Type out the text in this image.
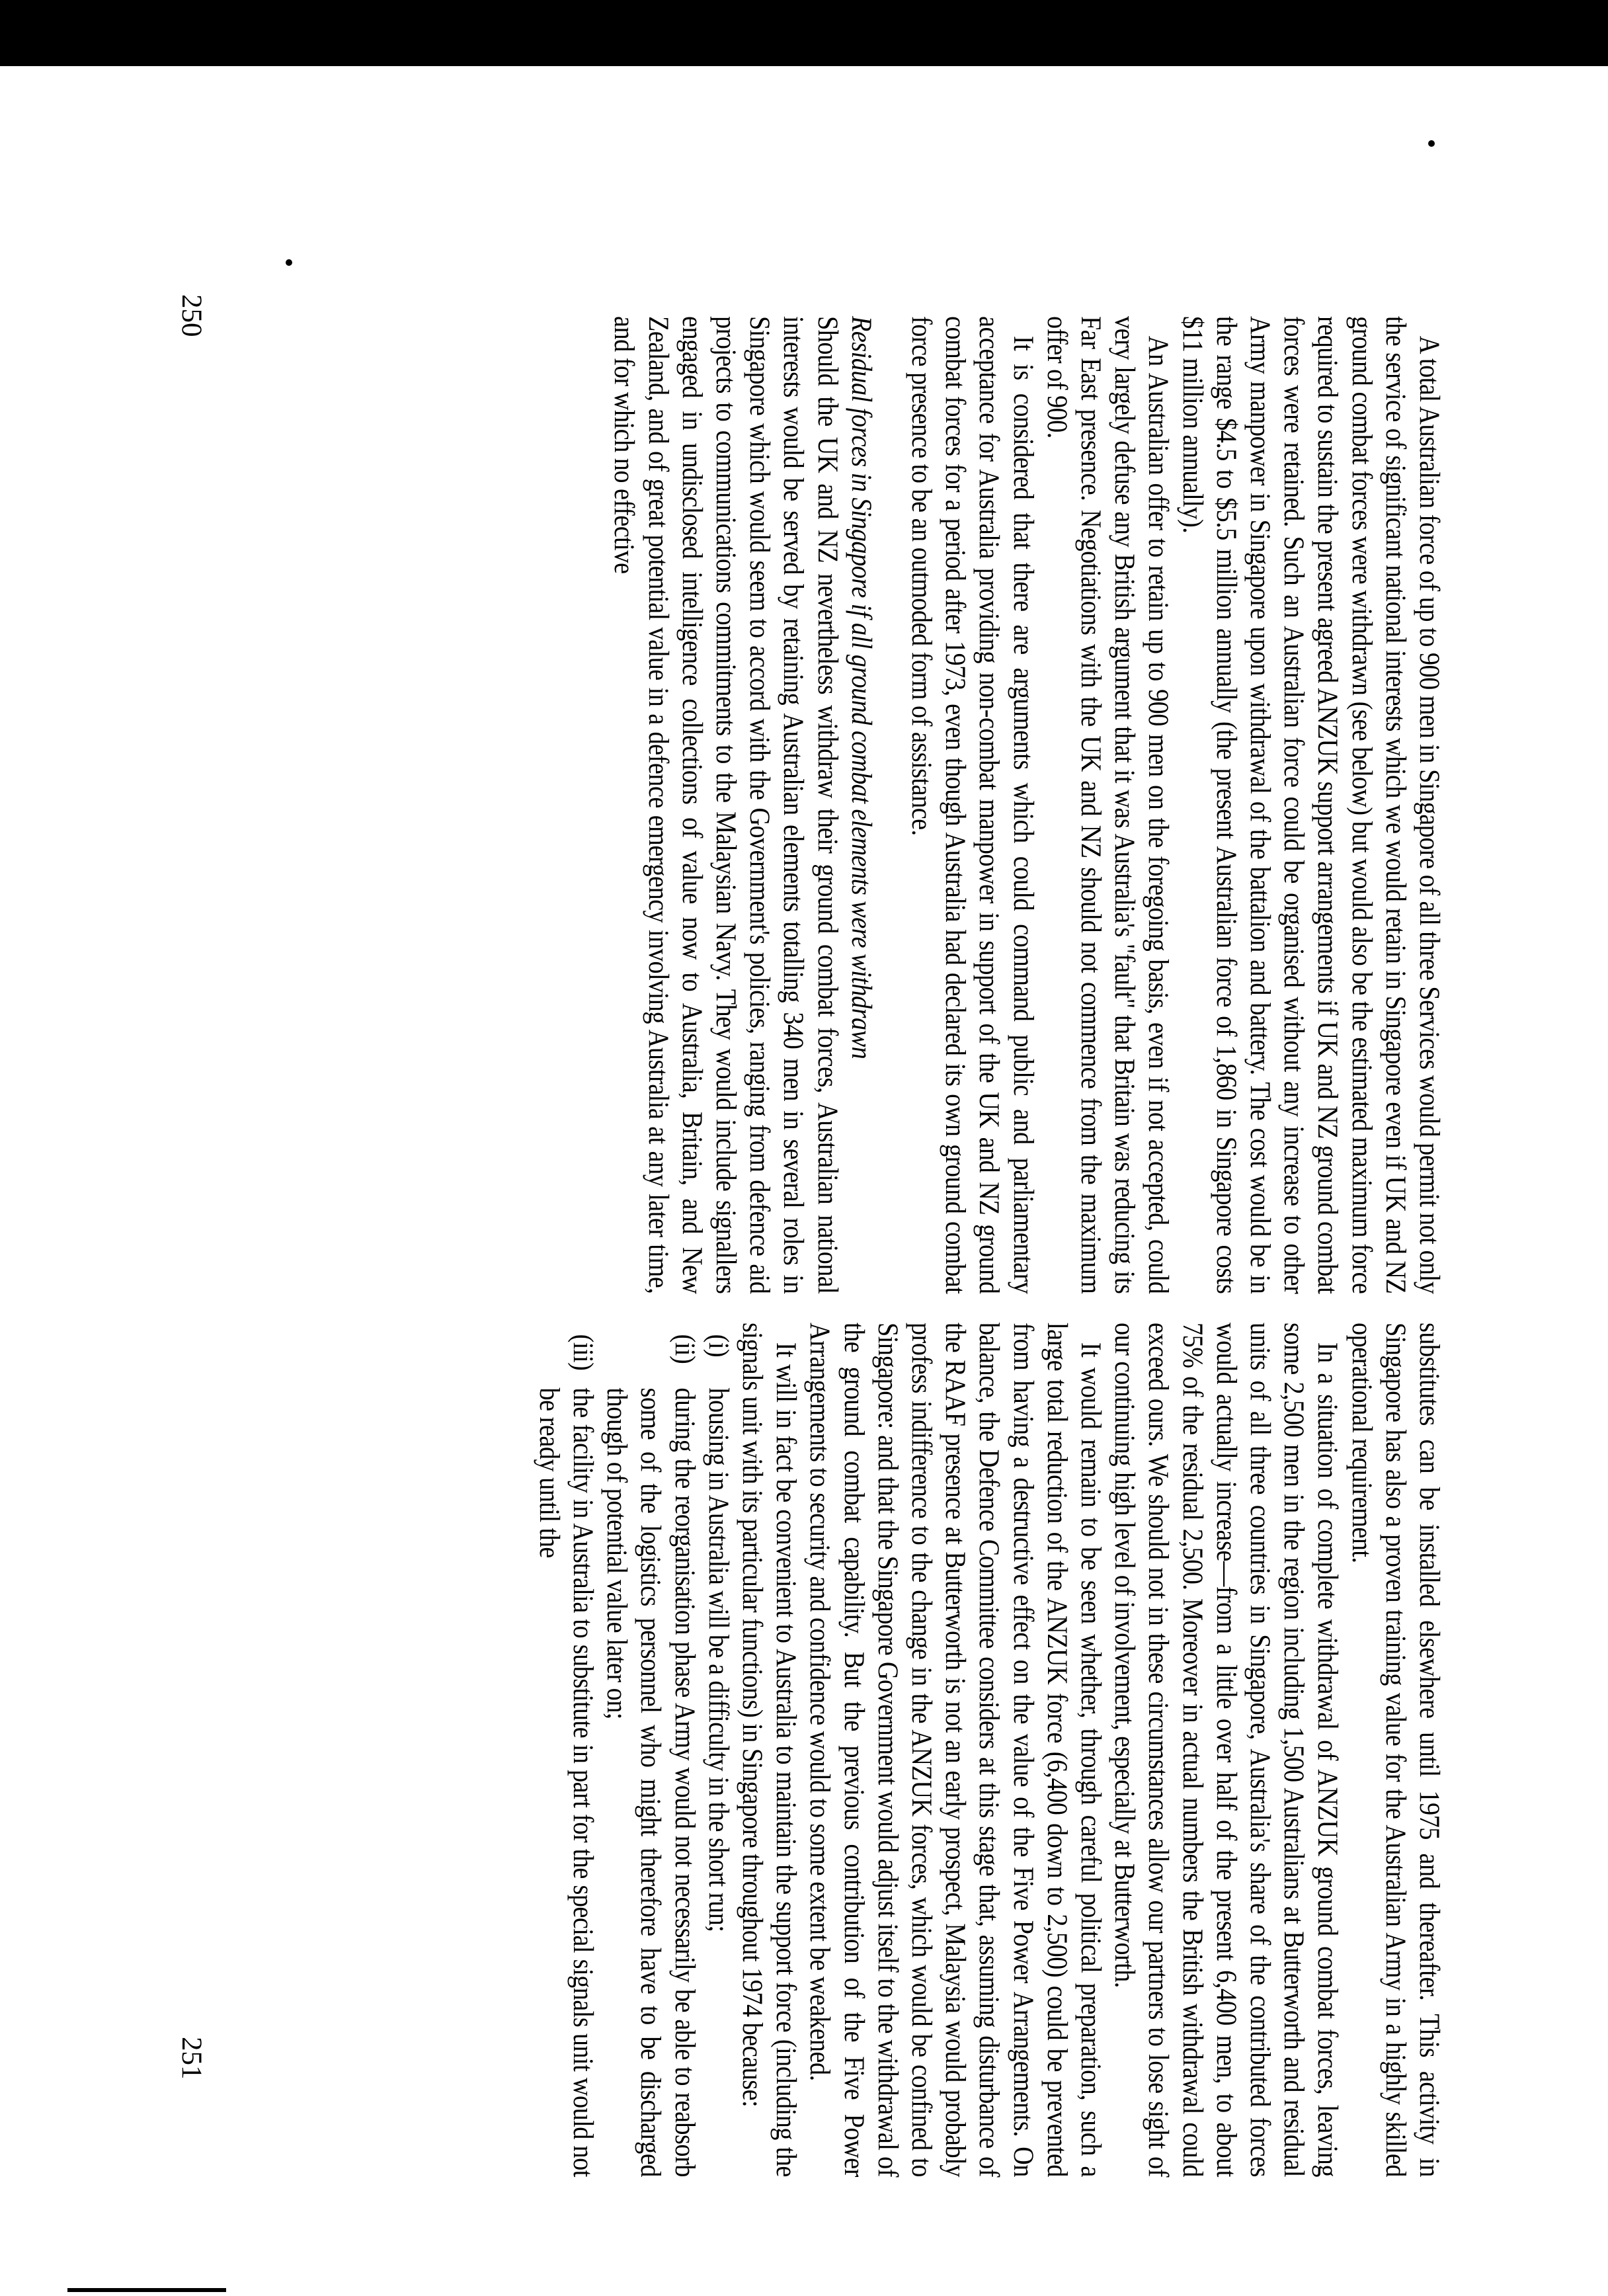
A total Australian force of up to 900 men in Singapore of all three Services would permit not only the service of significant national interests which we would retain in Singapore even if UK and NZ ground combat forces were withdrawn (see below) but would also be the estimated maximum force required to sustain the present agreed ANZUK support arrangements if UK and NZ ground combat forces were retained. Such an Australian force could be organised without any increase to other Army manpower in Singapore upon withdrawal of the battalion and battery. The cost would be in the range $4.5 to $5.5 million annually (the present Australian force of 1,860 in Singapore costs $11 million annually).

An Australian offer to retain up to 900 men on the foregoing basis, even if not accepted, could very largely defuse any British argument that it was Australia's "fault" that Britain was reducing its Far East presence. Negotiations with the UK and NZ should not commence from the maximum offer of 900.

It is considered that there are arguments which could command public and parliamentary acceptance for Australia providing non-combat manpower in support of the UK and NZ ground combat forces for a period after 1973, even though Australia had declared its own ground combat force presence to be an outmoded form of assistance.

Residual forces in Singapore if all ground combat elements were withdrawn

Should the UK and NZ nevertheless withdraw their ground combat forces, Australian national interests would be served by retaining Australian elements totalling 340 men in several roles in Singapore which would seem to accord with the Government's policies, ranging from defence aid projects to communications commitments to the Malaysian Navy. They would include signallers engaged in undisclosed intelligence collections of value now to Australia, Britain, and New Zealand, and of great potential value in a defence emergency involving Australia at any later time, and for which no effective

250

substitutes can be installed elsewhere until 1975 and thereafter. This activity in Singapore has also a proven training value for the Australian Army in a highly skilled operational requirement.

In a situation of complete withdrawal of ANZUK ground combat forces, leaving some 2,500 men in the region including 1,500 Australians at Butterworth and residual units of all three countries in Singapore, Australia's share of the contributed forces would actually increase—from a little over half of the present 6,400 men, to about 75% of the residual 2,500. Moreover in actual numbers the British withdrawal could exceed ours. We should not in these circumstances allow our partners to lose sight of our continuing high level of involvement, especially at Butterworth.

It would remain to be seen whether, through careful political preparation, such a large total reduction of the ANZUK force (6,400 down to 2,500) could be prevented from having a destructive effect on the value of the Five Power Arrangements. On balance, the Defence Committee considers at this stage that, assuming disturbance of the RAAF presence at Butterworth is not an early prospect, Malaysia would probably profess indifference to the change in the ANZUK forces, which would be confined to Singapore: and that the Singapore Government would adjust itself to the withdrawal of the ground combat capability. But the previous contribution of the Five Power Arrangements to security and confidence would to some extent be weakened.

It will in fact be convenient to Australia to maintain the support force (including the signals unit with its particular functions) in Singapore throughout 1974 because:

(i)
housing in Australia will be a difficulty in the short run;
(ii)
during the reorganisation phase Army would not necessarily be able to reabsorb some of the logistics personnel who might therefore have to be discharged though of potential value later on;
(iii)
the facility in Australia to substitute in part for the special signals unit would not be ready until the
251
